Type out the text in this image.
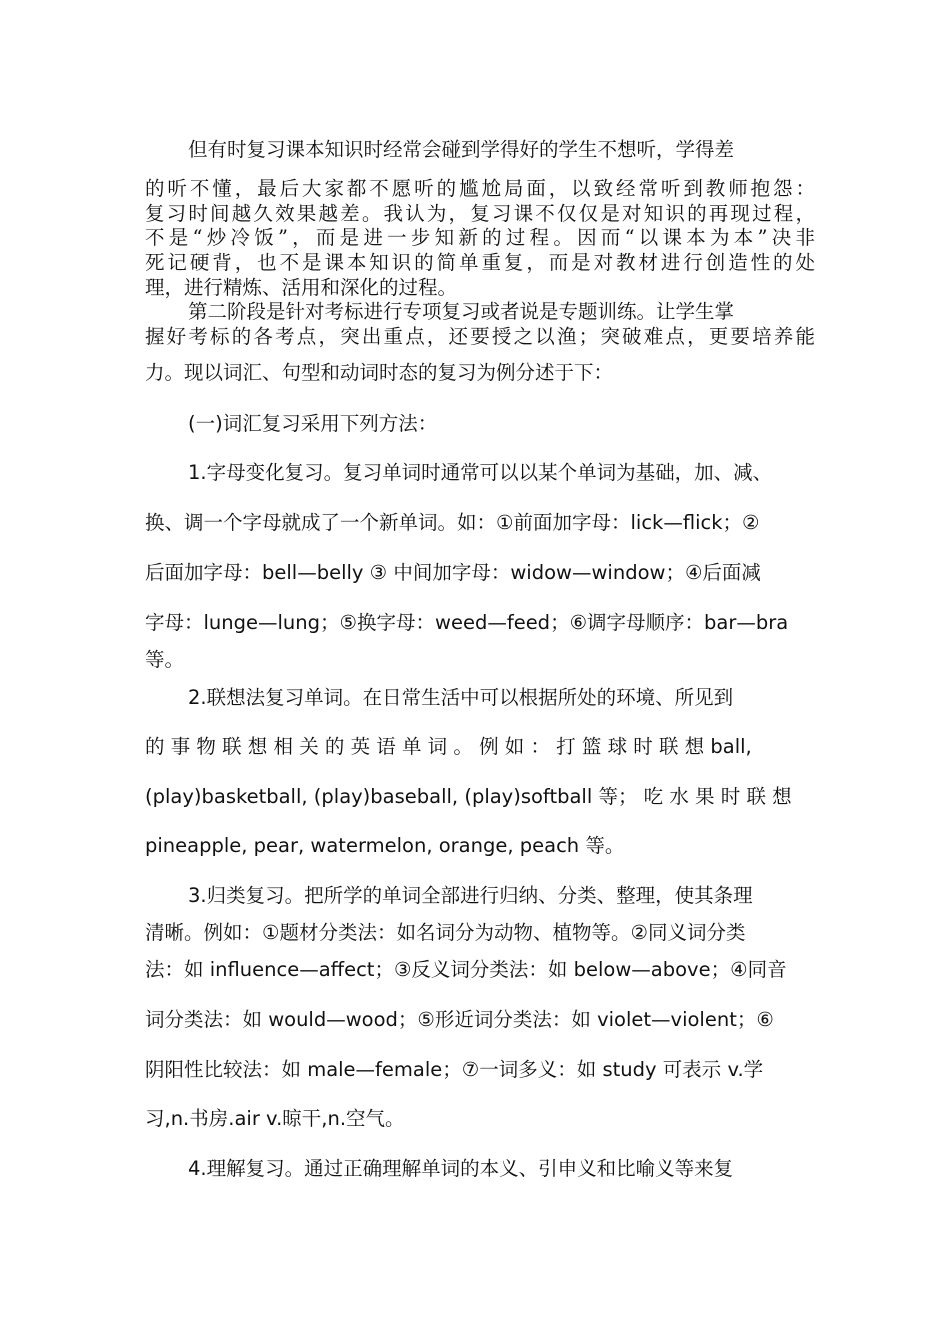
但有时复习课本知识时经常会碰到学得好的学生不想听，学得差
的听不懂，最后大家都不愿听的尴尬局面，以致经常听到教师抱怨：
复习时间越久效果越差。我认为，复习课不仅仅是对知识的再现过程，
不是“炒冷饭”，而是进一步知新的过程。因而“以课本为本”决非
死记硬背，也不是课本知识的简单重复，而是对教材进行创造性的处
理，进行精炼、活用和深化的过程。
第二阶段是针对考标进行专项复习或者说是专题训练。让学生掌
握好考标的各考点，突出重点，还要授之以渔；突破难点，更要培养能
力。现以词汇、句型和动词时态的复习为例分述于下：
(一)词汇复习采用下列方法：
1.字母变化复习。复习单词时通常可以以某个单词为基础，加、减、
换、调一个字母就成了一个新单词。如：①前面加字母：lick—flick；②
后面加字母：bell—belly ③ 中间加字母：widow—window；④后面减
字母：lunge—lung；⑤换字母：weed—feed；⑥调字母顺序：bar—bra
等。
2.联想法复习单词。在日常生活中可以根据所处的环境、所见到
的 事 物 联 想 相 关 的 英 语 单 词 。 例 如 ： 打 篮 球 时 联 想 ball,
(play)basketball, (play)baseball, (play)softball 等； 吃 水 果 时 联 想
pineapple, pear, watermelon, orange, peach 等。
3.归类复习。把所学的单词全部进行归纳、分类、整理，使其条理
清晰。例如：①题材分类法：如名词分为动物、植物等。②同义词分类
法：如 influence—affect；③反义词分类法：如 below—above；④同音
词分类法：如 would—wood；⑤形近词分类法：如 violet—violent；⑥
阴阳性比较法：如 male—female；⑦一词多义：如 study 可表示 v.学
习,n.书房.air v.晾干,n.空气。
4.理解复习。通过正确理解单词的本义、引申义和比喻义等来复
